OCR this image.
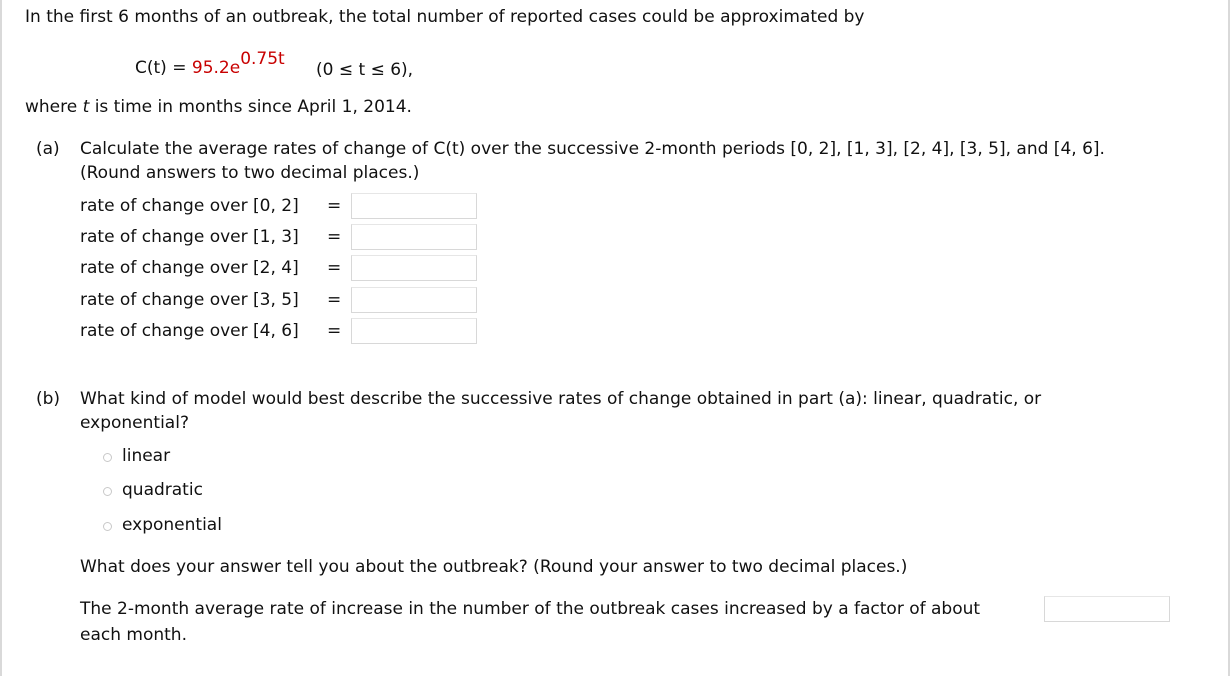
In the first 6 months of an outbreak, the total number of reported cases could be approximated by
C(t) = 95.2e0.75t
(0 ≤ t ≤ 6),
where t is time in months since April 1, 2014.
(a) Calculate the average rates of change of C(t) over the successive 2-month periods [0, 2], [1, 3], [2, 4], [3, 5], and [4, 6].
(Round answers to two decimal places.)
rate of change over [0, 2] =
rate of change over [1, 3] =
rate of change over [2, 4] =
rate of change over [3, 5] =
rate of change over [4, 6] =
(b) What kind of model would best describe the successive rates of change obtained in part (a): linear, quadratic, or
exponential?
linear
quadratic
exponential
What does your answer tell you about the outbreak? (Round your answer to two decimal places.)
The 2-month average rate of increase in the number of the outbreak cases increased by a factor of about
each month.
